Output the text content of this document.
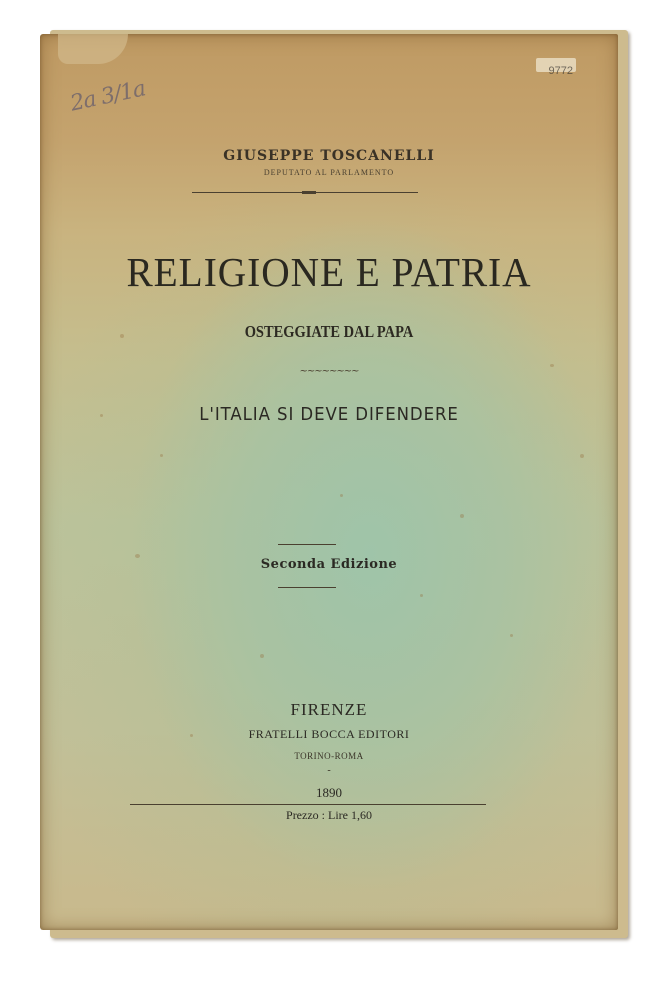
2a 3/1a
9772
GIUSEPPE TOSCANELLI
DEPUTATO AL PARLAMENTO
RELIGIONE E PATRIA
OSTEGGIATE DAL PAPA
~~~~~~~~
L'ITALIA SI DEVE DIFENDERE
Seconda Edizione
FIRENZE
FRATELLI BOCCA EDITORI
TORINO-ROMA
-
1890
Prezzo : Lire 1,60
